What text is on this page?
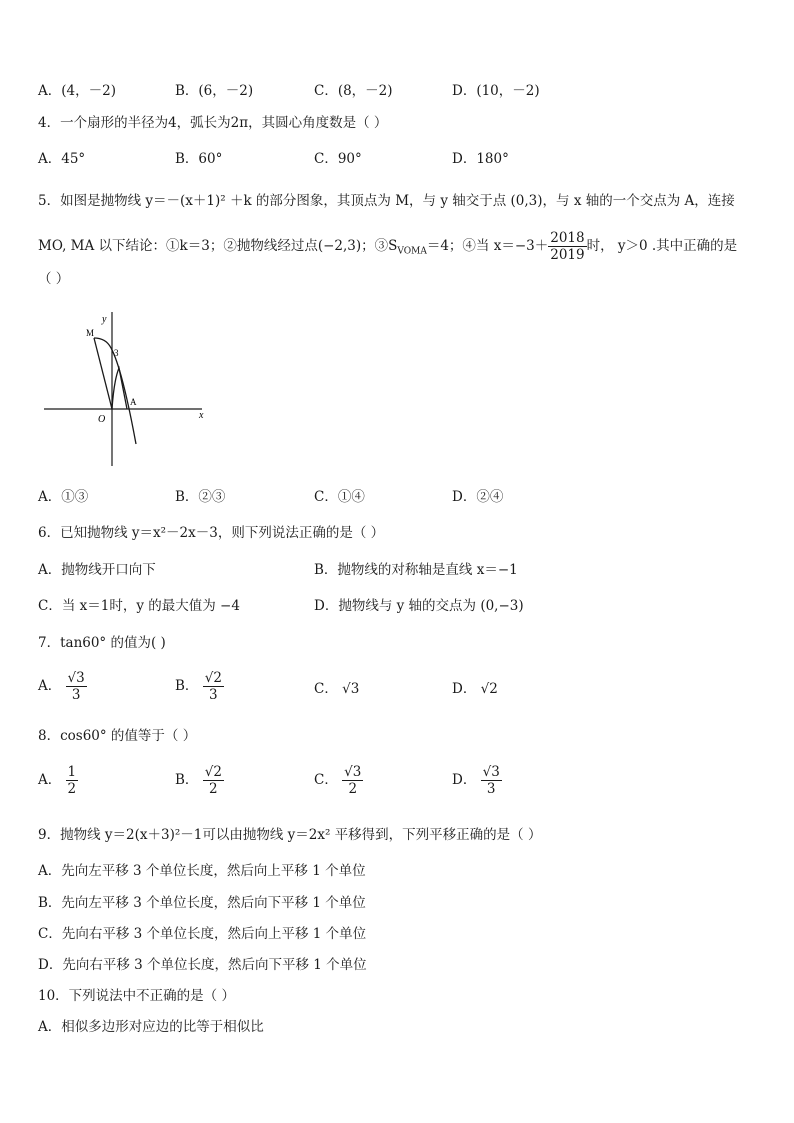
A．(4，－2)	B．(6，－2)	C．(8，－2)	D．(10，－2)
4．一个扇形的半径为4，弧长为2π，其圆心角度数是（ ）
A．45°	B．60°	C．90°	D．180°
5．如图是抛物线 y＝－(x＋1)² ＋k 的部分图象，其顶点为 M，与 y 轴交于点 (0,3)，与 x 轴的一个交点为 A，连接
MO, MA 以下结论：①k＝3；②抛物线经过点(−2,3)；$③S_{VOMA}=4$；④当 $x=-3+ \frac{2018}{2019}$ 时， y＞0 .其中正确的是
（ ）
y
x
M
3
A
O
A．①③	B．②③	C．①④	D．②④
6．已知抛物线 y＝x²－2x－3，则下列说法正确的是（ ）
A．抛物线开口向下	B．抛物线的对称轴是直线 x＝−1
C．当 x＝1时，y 的最大值为 −4	D．抛物线与 y 轴的交点为 (0,−3)
7．tan60° 的值为( )
A． $\frac{√3}{3}$	B． $\frac{√2}{3}$	C． √3	D． √2
8．cos60° 的值等于（ ）
A． $\frac{1}{2}$	B． $\frac{√2}{2}$	C． $\frac{√3}{2}$	D． $\frac{√3}{3}$
9．抛物线 y＝2(x＋3)²－1可以由抛物线 y＝2x² 平移得到，下列平移正确的是（ ）
A．先向左平移 3 个单位长度，然后向上平移 1 个单位
B．先向左平移 3 个单位长度，然后向下平移 1 个单位
C．先向右平移 3 个单位长度，然后向上平移 1 个单位
D．先向右平移 3 个单位长度，然后向下平移 1 个单位
10．下列说法中不正确的是（ ）
A．相似多边形对应边的比等于相似比
